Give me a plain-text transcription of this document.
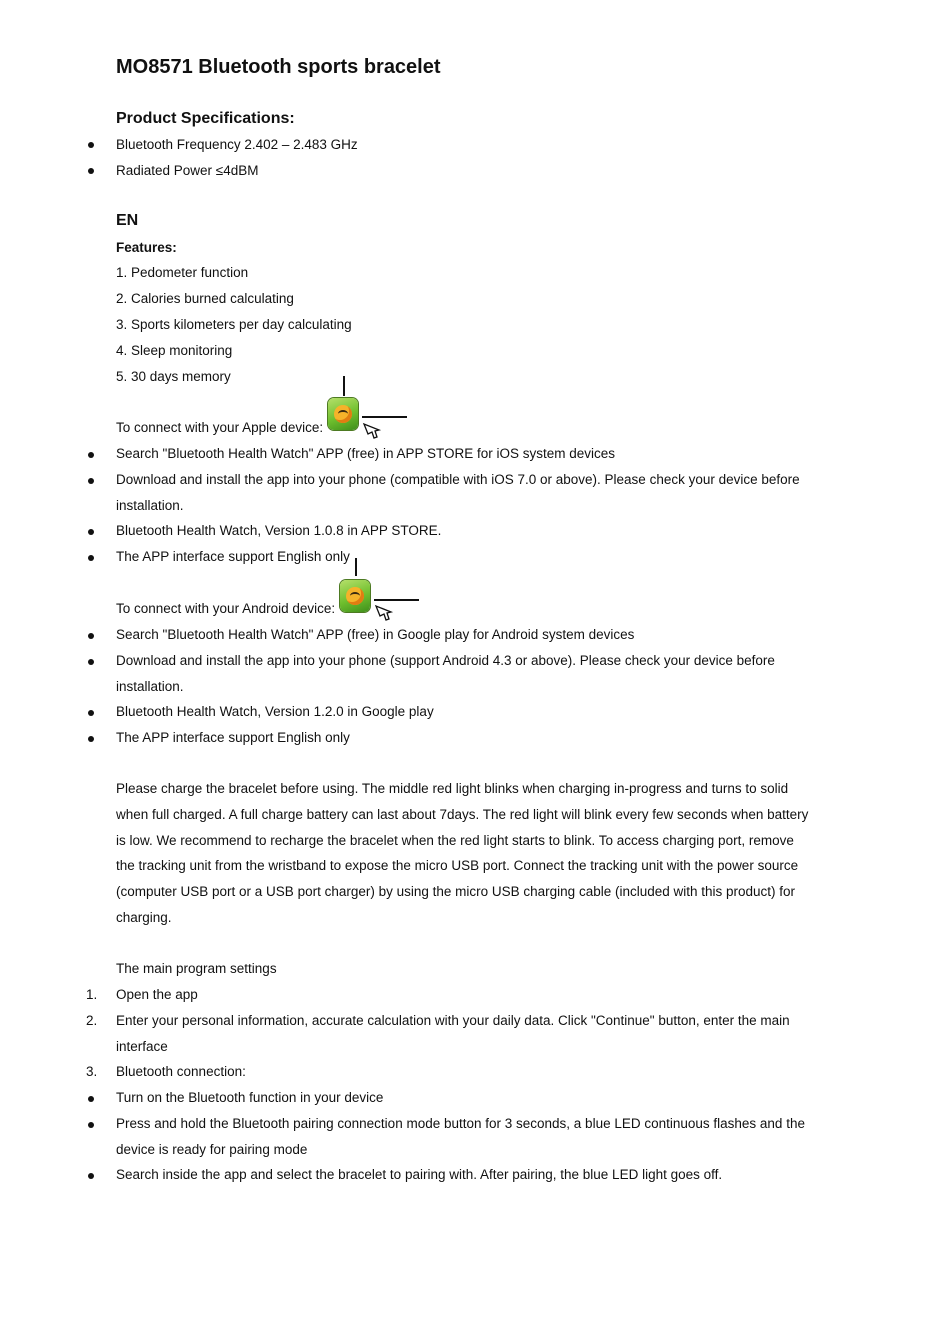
MO8571 Bluetooth sports bracelet
Product Specifications:
Bluetooth Frequency 2.402 – 2.483 GHz
Radiated Power ≤4dBM
EN
Features:
1. Pedometer function
2. Calories burned calculating
3. Sports kilometers per day calculating
4. Sleep monitoring
5. 30 days memory
To connect with your Apple device:
Search "Bluetooth Health Watch" APP (free) in APP STORE for iOS system devices
Download and install the app into your phone (compatible with iOS 7.0 or above). Please check your device before
installation.
Bluetooth Health Watch, Version 1.0.8 in APP STORE.
The APP interface support English only
To connect with your Android device:
Search "Bluetooth Health Watch" APP (free) in Google play for Android system devices
Download and install the app into your phone (support Android 4.3 or above). Please check your device before
installation.
Bluetooth Health Watch, Version 1.2.0 in Google play
The APP interface support English only
Please charge the bracelet before using. The middle red light blinks when charging in-progress and turns to solid
when full charged. A full charge battery can last about 7days. The red light will blink every few seconds when battery
is low. We recommend to recharge the bracelet when the red light starts to blink. To access charging port, remove
the tracking unit from the wristband to expose the micro USB port. Connect the tracking unit with the power source
(computer USB port or a USB port charger) by using the micro USB charging cable (included with this product) for
charging.
The main program settings
1. Open the app
2. Enter your personal information, accurate calculation with your daily data. Click "Continue" button, enter the main
interface
3. Bluetooth connection:
Turn on the Bluetooth function in your device
Press and hold the Bluetooth pairing connection mode button for 3 seconds, a blue LED continuous flashes and the
device is ready for pairing mode
Search inside the app and select the bracelet to pairing with. After pairing, the blue LED light goes off.
